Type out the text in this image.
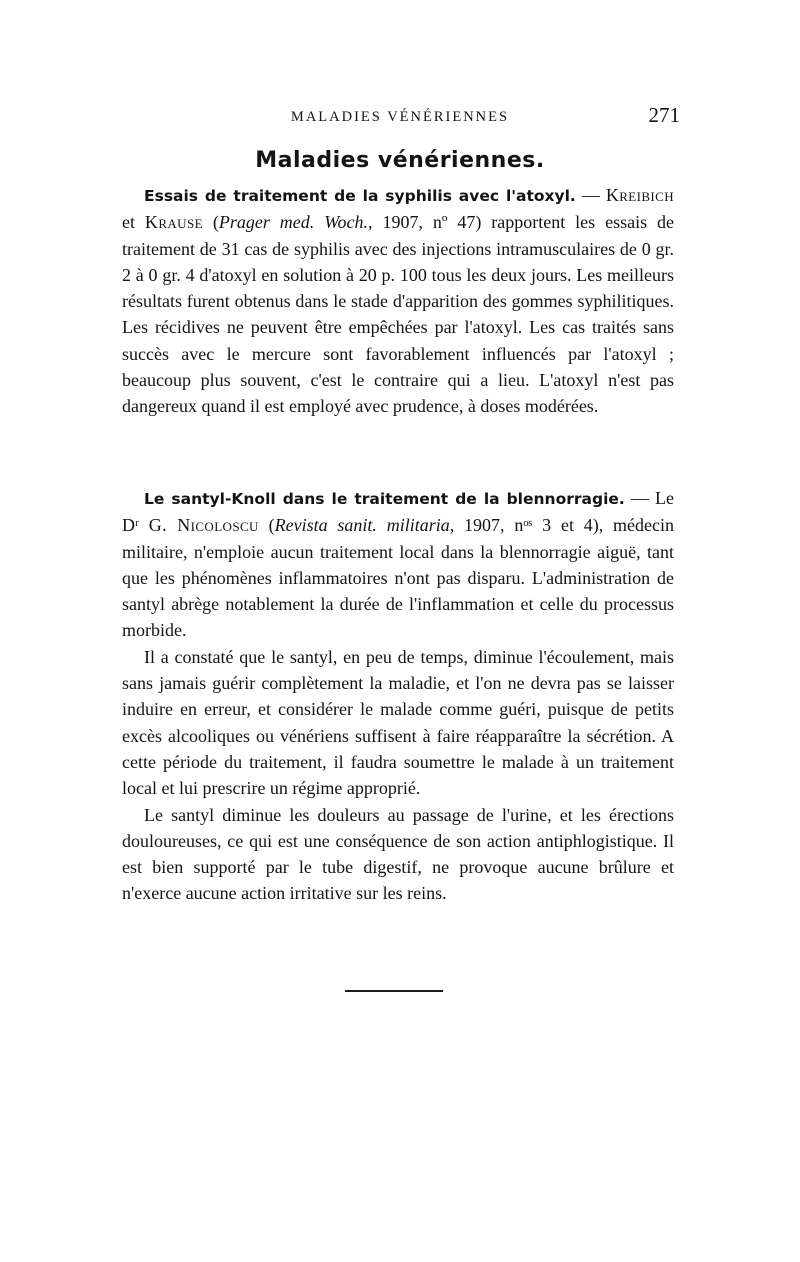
MALADIES VÉNÉRIENNES	271
Maladies vénériennes.

Essais de traitement de la syphilis avec l'atoxyl. — Kreibich et Krause (Prager med. Woch., 1907, nº 47) rapportent les essais de traitement de 31 cas de syphilis avec des injections intramusculaires de 0 gr. 2 à 0 gr. 4 d'atoxyl en solution à 20 p. 100 tous les deux jours. Les meilleurs résultats furent obtenus dans le stade d'apparition des gommes syphilitiques. Les récidives ne peuvent être empêchées par l'atoxyl. Les cas traités sans succès avec le mercure sont favorablement influencés par l'atoxyl ; beaucoup plus souvent, c'est le contraire qui a lieu. L'atoxyl n'est pas dangereux quand il est employé avec prudence, à doses modérées.

Le santyl-Knoll dans le traitement de la blennorragie. — Le Dʳ G. Nicoloscu (Revista sanit. militaria, 1907, nᵒˢ 3 et 4), médecin militaire, n'emploie aucun traitement local dans la blennorragie aiguë, tant que les phénomènes inflammatoires n'ont pas disparu. L'administration de santyl abrège notablement la durée de l'inflammation et celle du processus morbide.

Il a constaté que le santyl, en peu de temps, diminue l'écoulement, mais sans jamais guérir complètement la maladie, et l'on ne devra pas se laisser induire en erreur, et considérer le malade comme guéri, puisque de petits excès alcooliques ou vénériens suffisent à faire réapparaître la sécrétion. A cette période du traitement, il faudra soumettre le malade à un traitement local et lui prescrire un régime approprié.

Le santyl diminue les douleurs au passage de l'urine, et les érections douloureuses, ce qui est une conséquence de son action antiphlogistique. Il est bien supporté par le tube digestif, ne provoque aucune brûlure et n'exerce aucune action irritative sur les reins.
